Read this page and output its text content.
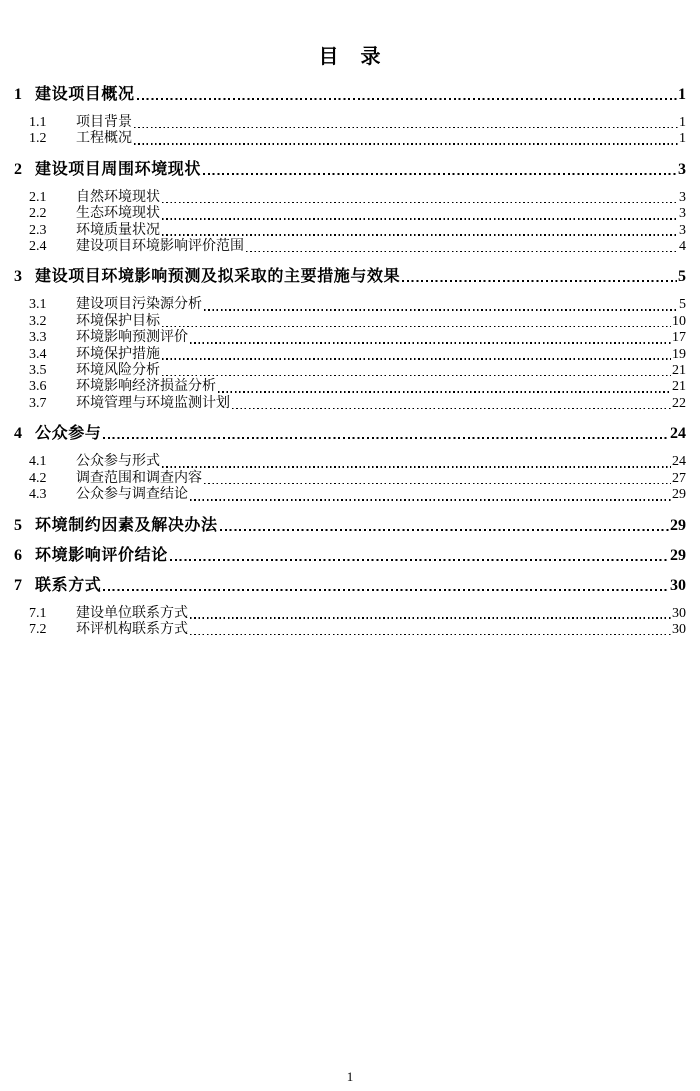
目　录
1 建设项目概况	1
1.1	项目背景	1
1.2	工程概况	1
2 建设项目周围环境现状	3
2.1	自然环境现状	3
2.2	生态环境现状	3
2.3	环境质量状况	3
2.4	建设项目环境影响评价范围	4
3 建设项目环境影响预测及拟采取的主要措施与效果	5
3.1	建设项目污染源分析	5
3.2	环境保护目标	10
3.3	环境影响预测评价	17
3.4	环境保护措施	19
3.5	环境风险分析	21
3.6	环境影响经济损益分析	21
3.7	环境管理与环境监测计划	22
4 公众参与	24
4.1	公众参与形式	24
4.2	调查范围和调查内容	27
4.3	公众参与调查结论	29
5 环境制约因素及解决办法	29
6 环境影响评价结论	29
7 联系方式	30
7.1	建设单位联系方式	30
7.2	环评机构联系方式	30
1
